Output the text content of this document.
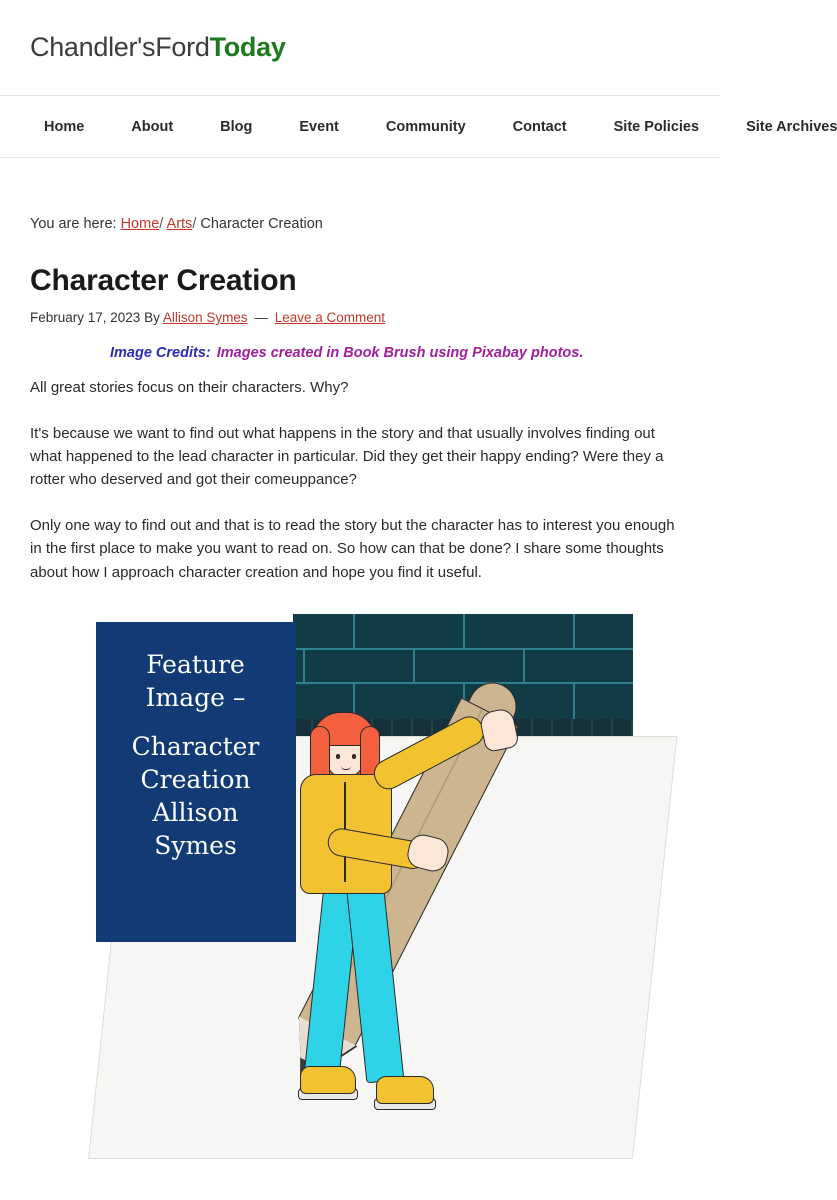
Chandler'sFordToday
Home	About	Blog	Event	Community	Contact	Site Policies	Site Archives
You are here: Home/ Arts/ Character Creation
Character Creation
February 17, 2023 By Allison Symes — Leave a Comment

Image Credits: Images created in Book Brush using Pixabay photos.

All great stories focus on their characters. Why?

It's because we want to find out what happens in the story and that usually involves finding out what happened to the lead character in particular. Did they get their happy ending? Were they a rotter who deserved and got their comeuppance?

Only one way to find out and that is to read the story but the character has to interest you enough in the first place to make you want to read on. So how can that be done? I share some thoughts about how I approach character creation and hope you find it useful.

Feature
Image –
Character
Creation
Allison
Symes
